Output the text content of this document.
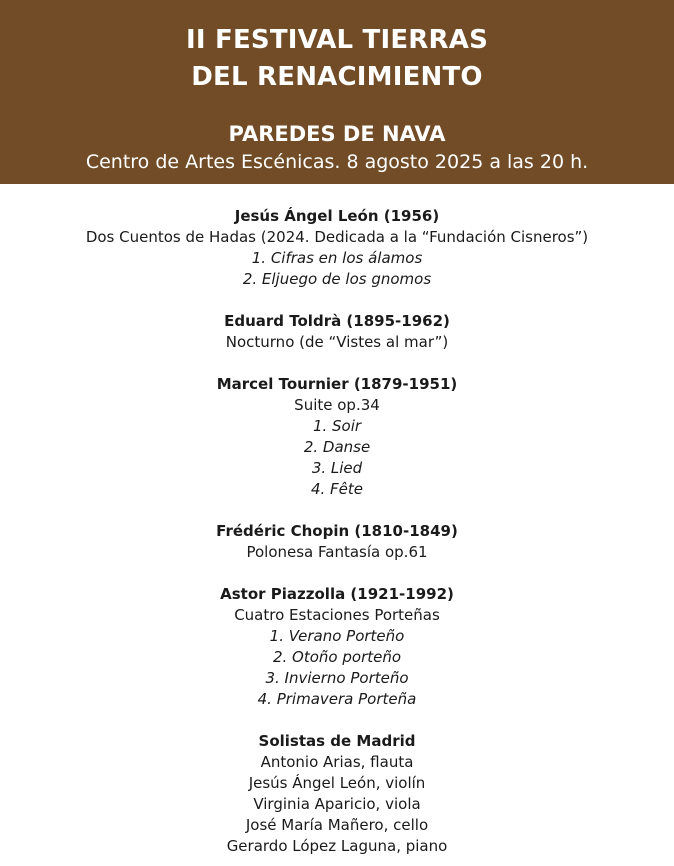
II FESTIVAL TIERRAS
DEL RENACIMIENTO
PAREDES DE NAVA
Centro de Artes Escénicas. 8 agosto 2025 a las 20 h.
Jesús Ángel León (1956)
Dos Cuentos de Hadas (2024. Dedicada a la “Fundación Cisneros”)
1. Cifras en los álamos
2. Eljuego de los gnomos
Eduard Toldrà (1895-1962)
Nocturno (de “Vistes al mar”)
Marcel Tournier (1879-1951)
Suite op.34
1. Soir
2. Danse
3. Lied
4. Fête
Frédéric Chopin (1810-1849)
Polonesa Fantasía op.61
Astor Piazzolla (1921-1992)
Cuatro Estaciones Porteñas
1. Verano Porteño
2. Otoño porteño
3. Invierno Porteño
4. Primavera Porteña
Solistas de Madrid
Antonio Arias, flauta
Jesús Ángel León, violín
Virginia Aparicio, viola
José María Mañero, cello
Gerardo López Laguna, piano
